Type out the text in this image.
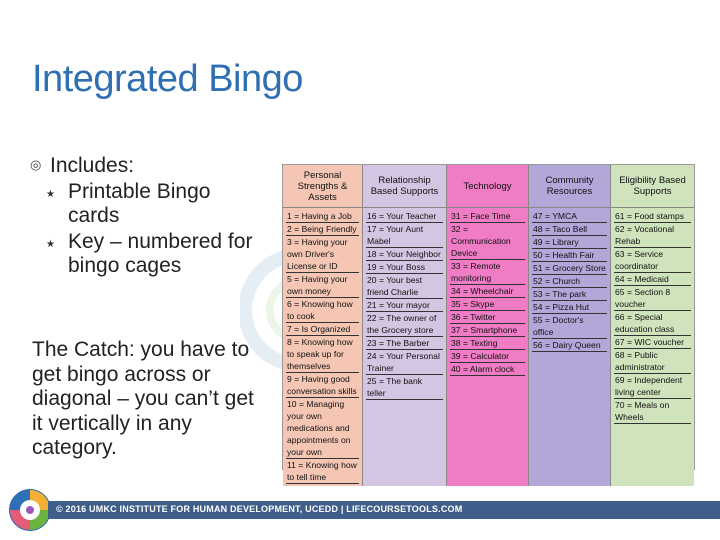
Integrated Bingo
◎ Includes:
★ Printable Bingo cards
★ Key – numbered for bingo cages
The Catch: you have to get bingo across or diagonal – you can’t get it vertically in any category.
Personal Strengths & Assets
1 = Having a Job
2 = Being Friendly
3 = Having your own Driver's License or ID
5 = Having your own money
6 = Knowing how to cook
7 = Is Organized
8 = Knowing how to speak up for themselves
9 = Having good conversation skills
10 = Managing your own medications and appointments on your own
11 = Knowing how to tell time
Relationship Based Supports
16 = Your Teacher
17 = Your Aunt Mabel
18 = Your Neighbor
19 = Your Boss
20 = Your best friend Charlie
21 = Your mayor
22 = The owner of the Grocery store
23 = The Barber
24 = Your Personal Trainer
25 = The bank teller
Technology
31 = Face Time
32 = Communication Device
33 = Remote monitoring
34 = Wheelchair
35 = Skype
36 = Twitter
37 = Smartphone
38 = Texting
39 = Calculator
40 = Alarm clock
Community Resources
47 = YMCA
48 = Taco Bell
49 = Library
50 = Health Fair
51 = Grocery Store
52 = Church
53 = The park
54 = Pizza Hut
55 = Doctor's office
56 = Dairy Queen
Eligibility Based Supports
61 = Food stamps
62 = Vocational Rehab
63 = Service coordinator
64 = Medicaid
65 = Section 8 voucher
66 = Special education class
67 = WIC voucher
68 = Public administrator
69 = Independent living center
70 = Meals on Wheels
© 2016 UMKC INSTITUTE FOR HUMAN DEVELOPMENT, UCEDD | LIFECOURSETOOLS.COM
